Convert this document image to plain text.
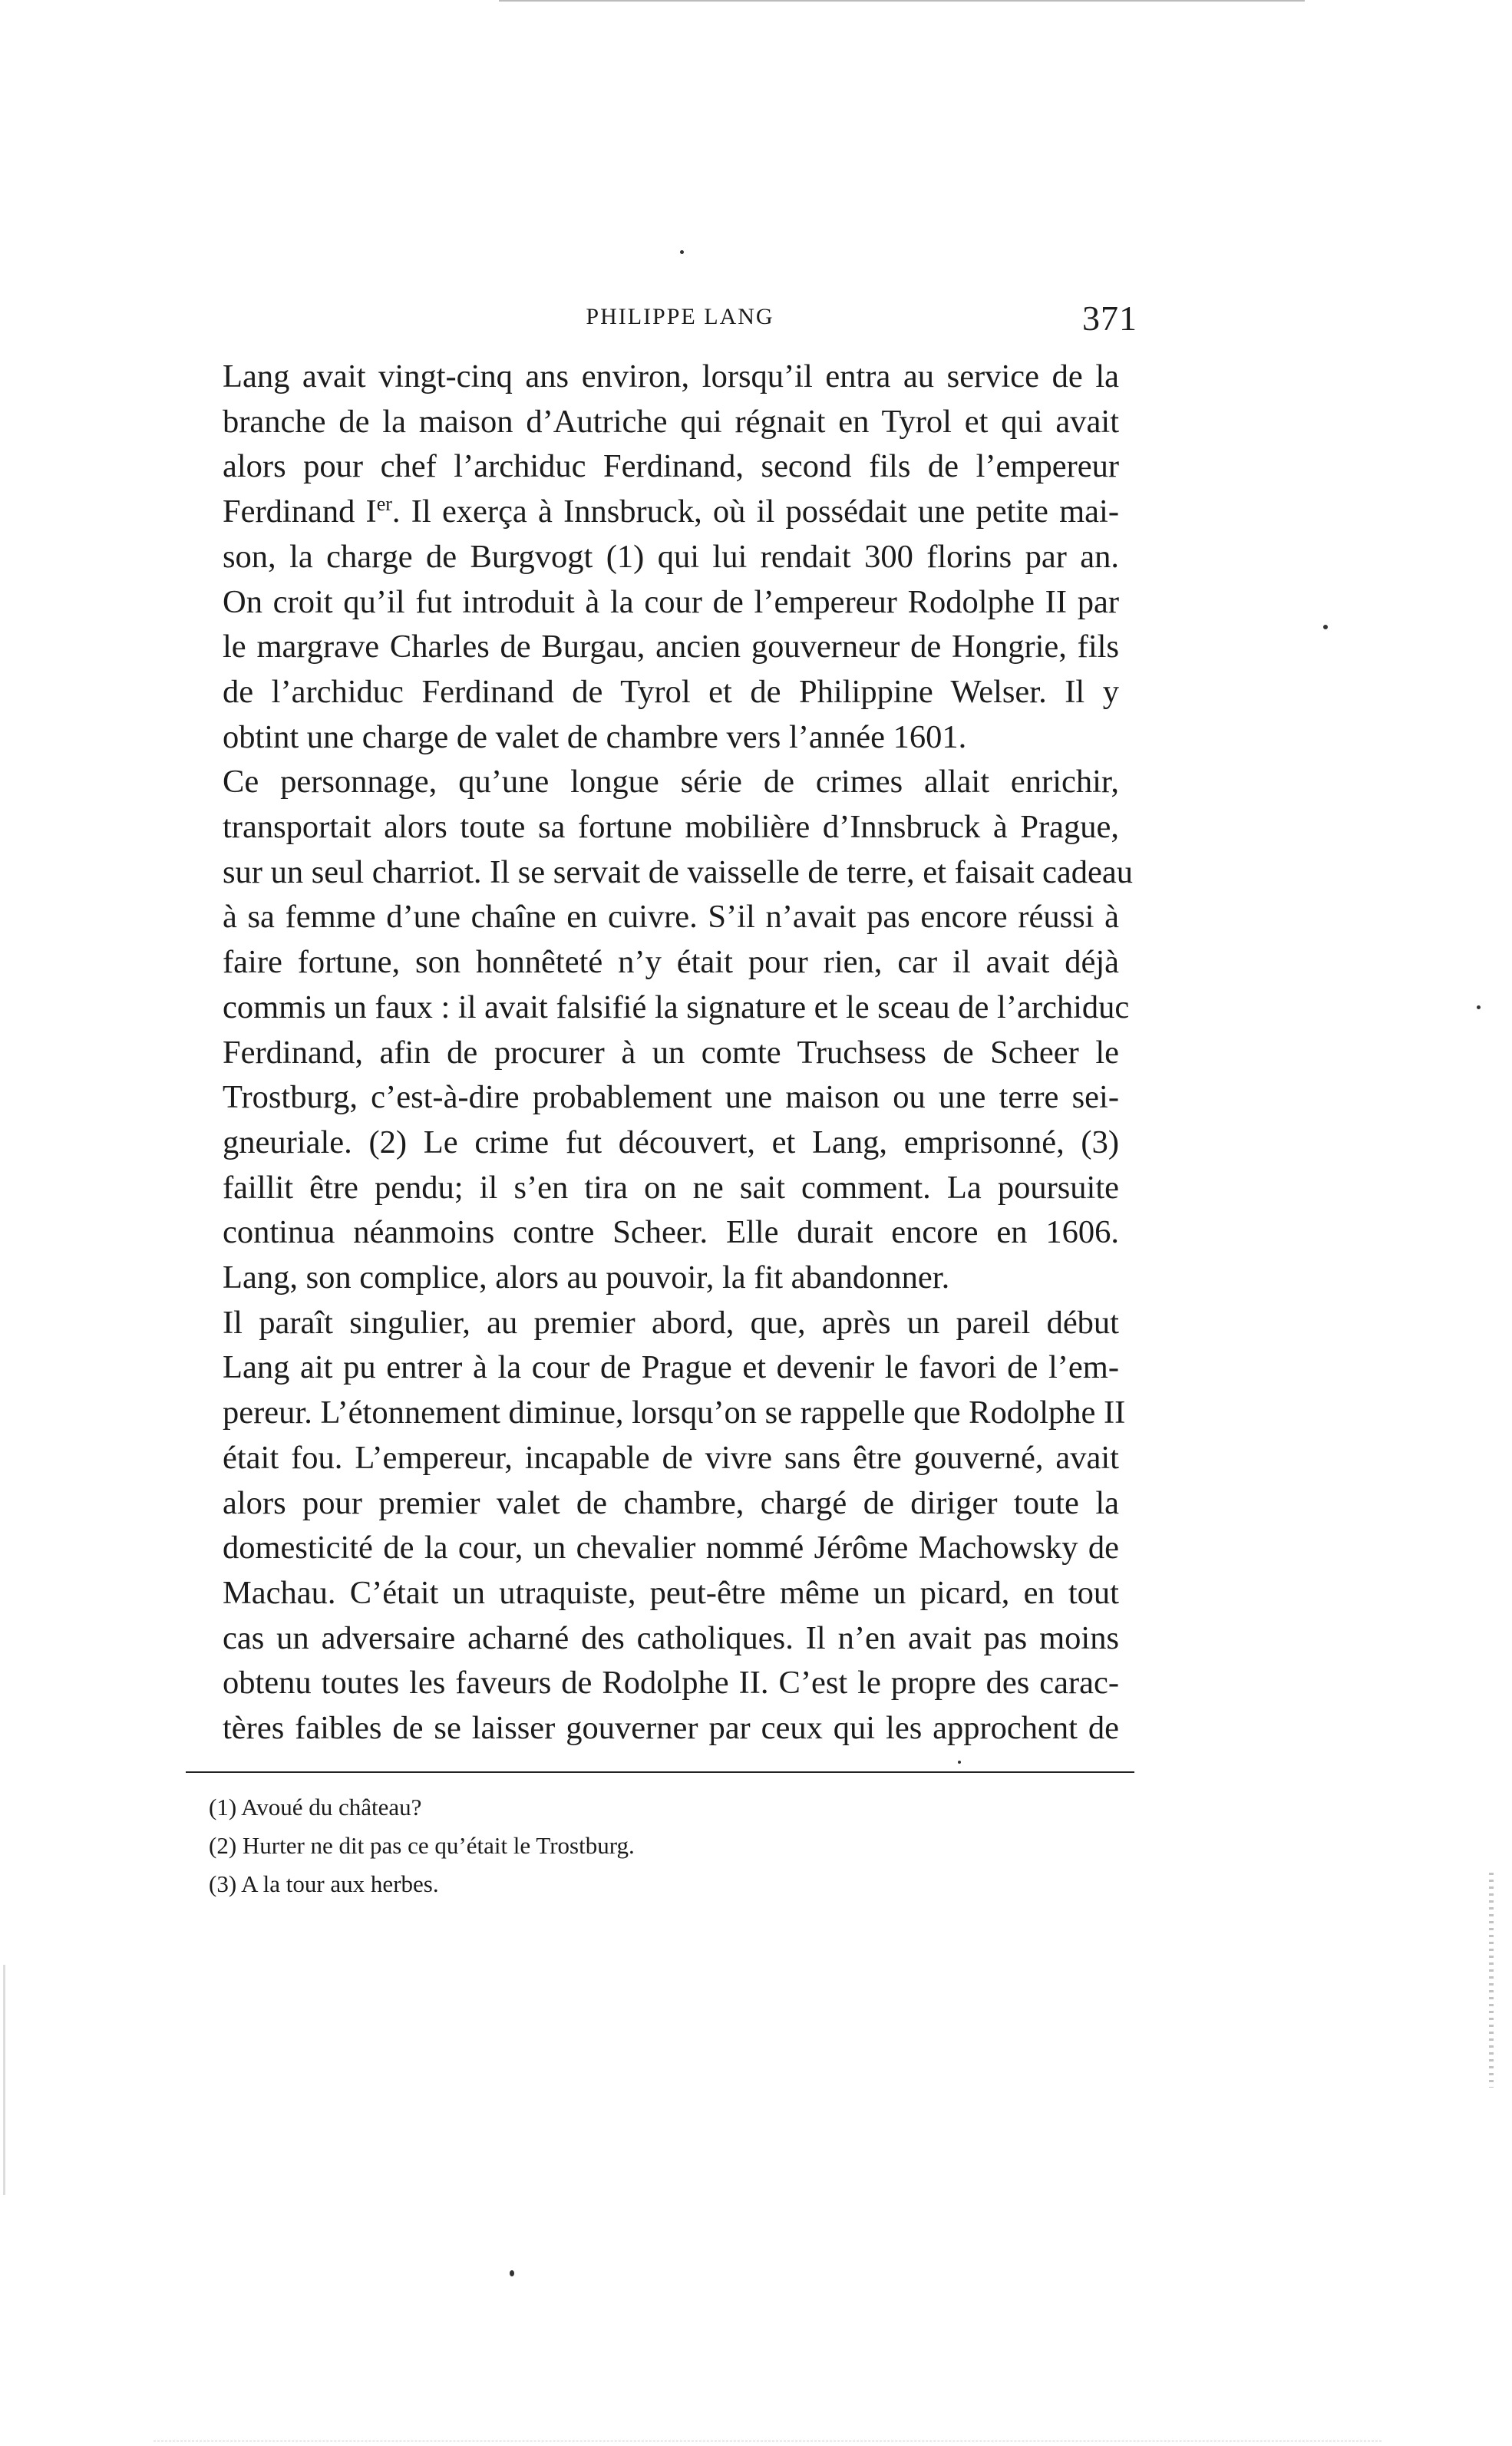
PHILIPPE LANG	371
Lang avait vingt-cinq ans environ, lorsqu’il entra au service de la
branche de la maison d’Autriche qui régnait en Tyrol et qui avait
alors pour chef l’archiduc Ferdinand, second fils de l’empereur
Ferdinand Ier. Il exerça à Innsbruck, où il possédait une petite mai-
son, la charge de Burgvogt (1) qui lui rendait 300 florins par an.
On croit qu’il fut introduit à la cour de l’empereur Rodolphe II par
le margrave Charles de Burgau, ancien gouverneur de Hongrie, fils
de l’archiduc Ferdinand de Tyrol et de Philippine Welser. Il y
obtint une charge de valet de chambre vers l’année 1601.
Ce personnage, qu’une longue série de crimes allait enrichir,
transportait alors toute sa fortune mobilière d’Innsbruck à Prague,
sur un seul charriot. Il se servait de vaisselle de terre, et faisait cadeau
à sa femme d’une chaîne en cuivre. S’il n’avait pas encore réussi à
faire fortune, son honnêteté n’y était pour rien, car il avait déjà
commis un faux : il avait falsifié la signature et le sceau de l’archiduc
Ferdinand, afin de procurer à un comte Truchsess de Scheer le
Trostburg, c’est-à-dire probablement une maison ou une terre sei-
gneuriale. (2) Le crime fut découvert, et Lang, emprisonné, (3)
faillit être pendu; il s’en tira on ne sait comment. La poursuite
continua néanmoins contre Scheer. Elle durait encore en 1606.
Lang, son complice, alors au pouvoir, la fit abandonner.
Il paraît singulier, au premier abord, que, après un pareil début
Lang ait pu entrer à la cour de Prague et devenir le favori de l’em-
pereur. L’étonnement diminue, lorsqu’on se rappelle que Rodolphe II
était fou. L’empereur, incapable de vivre sans être gouverné, avait
alors pour premier valet de chambre, chargé de diriger toute la
domesticité de la cour, un chevalier nommé Jérôme Machowsky de
Machau. C’était un utraquiste, peut-être même un picard, en tout
cas un adversaire acharné des catholiques. Il n’en avait pas moins
obtenu toutes les faveurs de Rodolphe II. C’est le propre des carac-
tères faibles de se laisser gouverner par ceux qui les approchent de
(1) Avoué du château?
(2) Hurter ne dit pas ce qu’était le Trostburg.
(3) A la tour aux herbes.
